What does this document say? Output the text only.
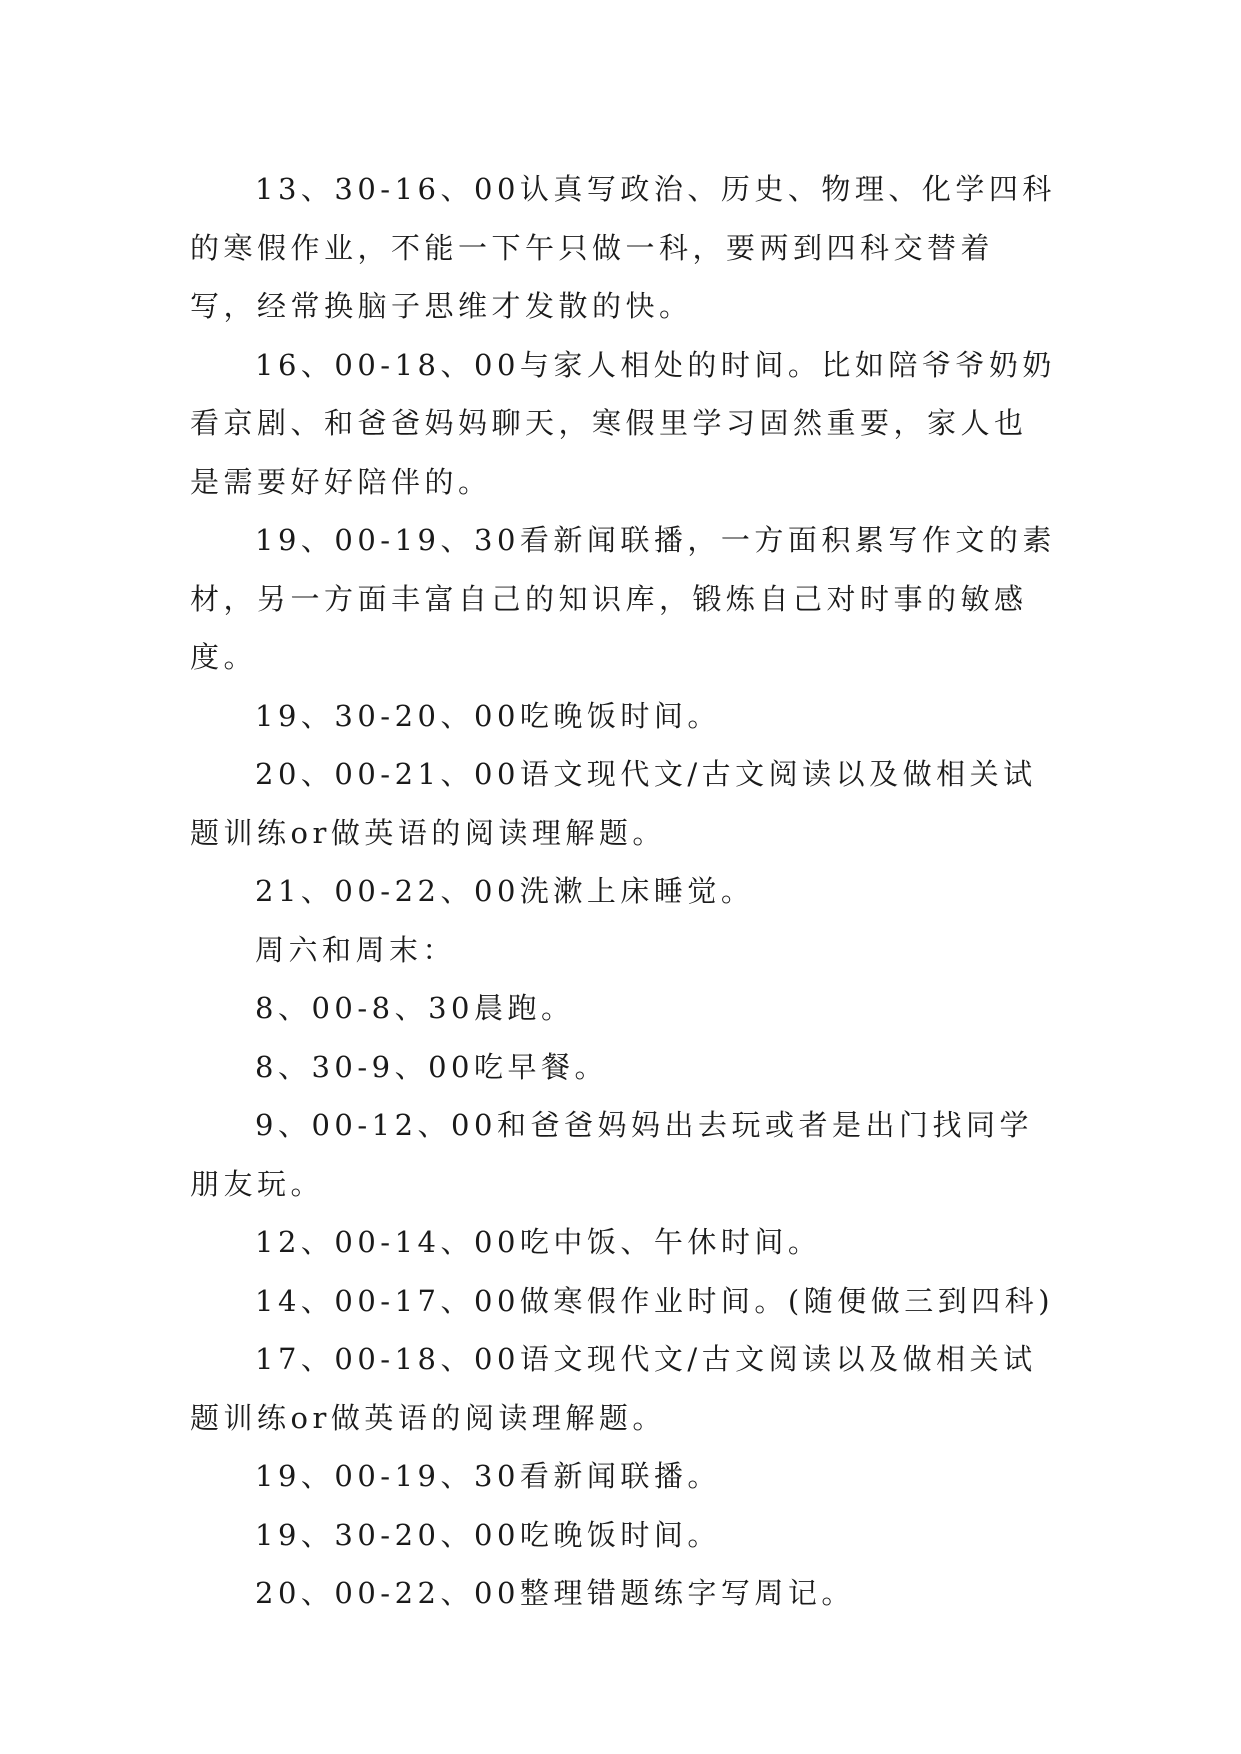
13、30-16、00认真写政治、历史、物理、化学四科的寒假作业，不能一下午只做一科，要两到四科交替着写，经常换脑子思维才发散的快。

16、00-18、00与家人相处的时间。比如陪爷爷奶奶看京剧、和爸爸妈妈聊天，寒假里学习固然重要，家人也是需要好好陪伴的。

19、00-19、30看新闻联播，一方面积累写作文的素材，另一方面丰富自己的知识库，锻炼自己对时事的敏感度。

19、30-20、00吃晚饭时间。

20、00-21、00语文现代文/古文阅读以及做相关试题训练or做英语的阅读理解题。

21、00-22、00洗漱上床睡觉。

周六和周末：

8、00-8、30晨跑。

8、30-9、00吃早餐。

9、00-12、00和爸爸妈妈出去玩或者是出门找同学朋友玩。

12、00-14、00吃中饭、午休时间。

14、00-17、00做寒假作业时间。(随便做三到四科)

17、00-18、00语文现代文/古文阅读以及做相关试题训练or做英语的阅读理解题。

19、00-19、30看新闻联播。

19、30-20、00吃晚饭时间。

20、00-22、00整理错题练字写周记。
